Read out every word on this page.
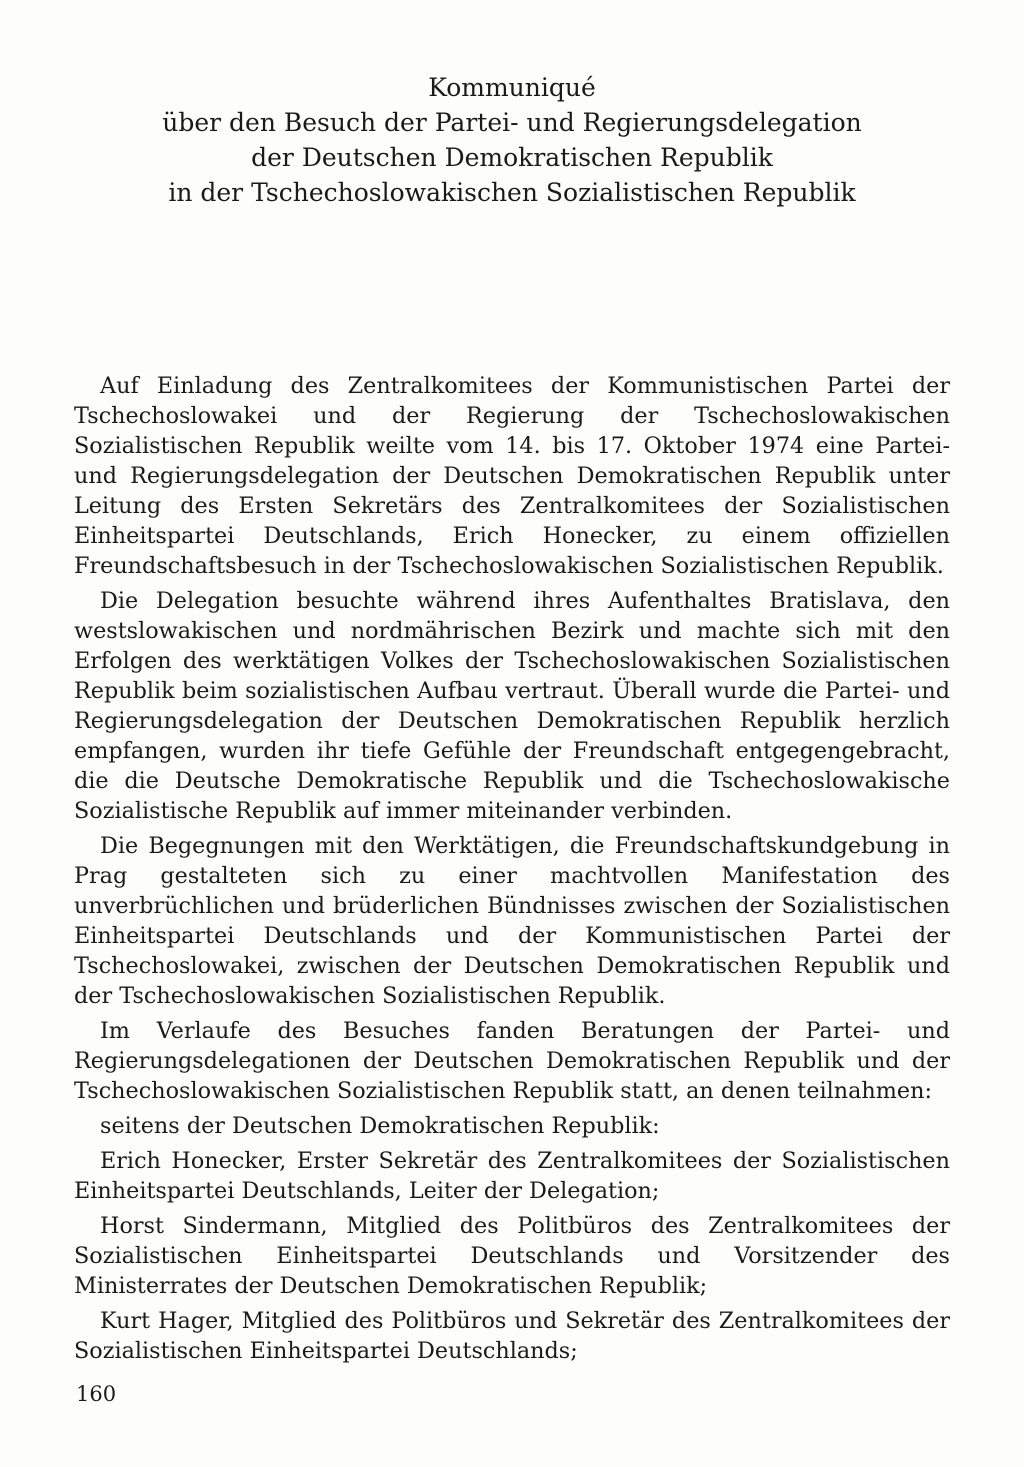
Kommuniqué
über den Besuch der Partei- und Regierungsdelegation
der Deutschen Demokratischen Republik
in der Tschechoslowakischen Sozialistischen Republik

Auf Einladung des Zentralkomitees der Kommunistischen Partei der Tschechoslowakei und der Regierung der Tschechoslowakischen Sozialistischen Republik weilte vom 14. bis 17. Oktober 1974 eine Partei- und Regierungsdelegation der Deutschen Demokratischen Republik unter Leitung des Ersten Sekretärs des Zentralkomitees der Sozialistischen Einheitspartei Deutschlands, Erich Honecker, zu einem offiziellen Freundschaftsbesuch in der Tschechoslowakischen Sozialistischen Republik.

Die Delegation besuchte während ihres Aufenthaltes Bratislava, den westslowakischen und nordmährischen Bezirk und machte sich mit den Erfolgen des werktätigen Volkes der Tschechoslowakischen Sozialistischen Republik beim sozialistischen Aufbau vertraut. Überall wurde die Partei- und Regierungsdelegation der Deutschen Demokratischen Republik herzlich empfangen, wurden ihr tiefe Gefühle der Freundschaft entgegengebracht, die die Deutsche Demokratische Republik und die Tschechoslowakische Sozialistische Republik auf immer miteinander verbinden.

Die Begegnungen mit den Werktätigen, die Freundschaftskundgebung in Prag gestalteten sich zu einer machtvollen Manifestation des unverbrüchlichen und brüderlichen Bündnisses zwischen der Sozialistischen Einheitspartei Deutschlands und der Kommunistischen Partei der Tschechoslowakei, zwischen der Deutschen Demokratischen Republik und der Tschechoslowakischen Sozialistischen Republik.

Im Verlaufe des Besuches fanden Beratungen der Partei- und Regierungsdelegationen der Deutschen Demokratischen Republik und der Tschechoslowakischen Sozialistischen Republik statt, an denen teilnahmen:

seitens der Deutschen Demokratischen Republik:

Erich Honecker, Erster Sekretär des Zentralkomitees der Sozialistischen Einheitspartei Deutschlands, Leiter der Delegation;

Horst Sindermann, Mitglied des Politbüros des Zentralkomitees der Sozialistischen Einheitspartei Deutschlands und Vorsitzender des Ministerrates der Deutschen Demokratischen Republik;

Kurt Hager, Mitglied des Politbüros und Sekretär des Zentralkomitees der Sozialistischen Einheitspartei Deutschlands;

160
